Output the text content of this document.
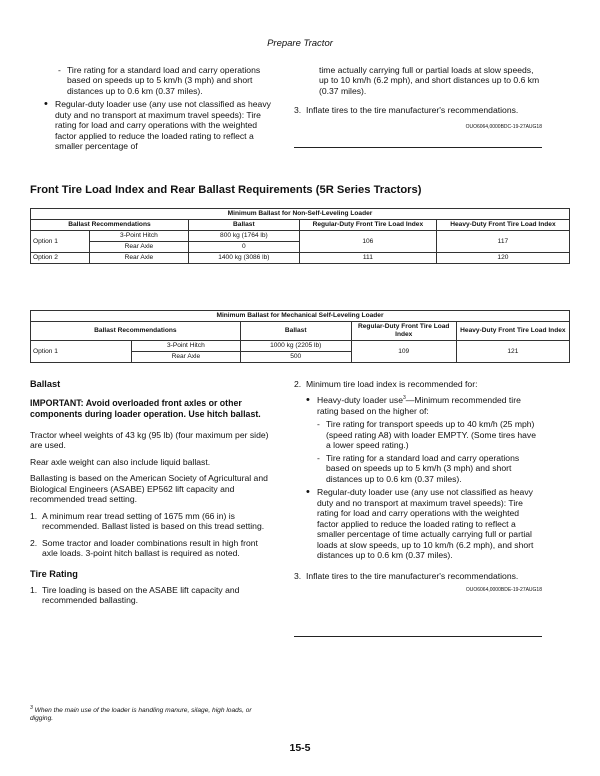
Prepare Tractor

- Tire rating for a standard load and carry operations based on speeds up to 5 km/h (3 mph) and short distances up to 0.6 km (0.37 miles).

• Regular-duty loader use (any use not classified as heavy duty and no transport at maximum travel speeds): Tire rating for load and carry operations with the weighted factor applied to reduce the loaded rating to reflect a smaller percentage of

time actually carrying full or partial loads at slow speeds, up to 10 km/h (6.2 mph), and short distances up to 0.6 km (0.37 miles).

3. Inflate tires to the tire manufacturer's recommendations.

OUO6064,0000BDC-19-27AUG18
Front Tire Load Index and Rear Ballast Requirements (5R Series Tractors)
Minimum Ballast for Non-Self-Leveling Loader				
Ballast Recommendations		Ballast	Regular-Duty Front Tire Load Index	Heavy-Duty Front Tire Load Index
Option 1	3-Point Hitch	800 kg (1764 lb)	106	117
	Rear Axle	0		
Option 2	Rear Axle	1400 kg (3086 lb)	111	120
Minimum Ballast for Mechanical Self-Leveling Loader				
Ballast Recommendations		Ballast	Regular-Duty Front Tire Load Index	Heavy-Duty Front Tire Load Index
Option 1	3-Point Hitch	1000 kg (2205 lb)	109	121
	Rear Axle	500		
Ballast

IMPORTANT: Avoid overloaded front axles or other components during loader operation. Use hitch ballast.

Tractor wheel weights of 43 kg (95 lb) (four maximum per side) are used.

Rear axle weight can also include liquid ballast.

Ballasting is based on the American Society of Agricultural and Biological Engineers (ASABE) EP562 lift capacity and recommended tread setting.

1. A minimum rear tread setting of 1675 mm (66 in) is recommended. Ballast listed is based on this tread setting.

2. Some tractor and loader combinations result in high front axle loads. 3-point hitch ballast is required as noted.

Tire Rating

1. Tire loading is based on the ASABE lift capacity and recommended ballasting.

2. Minimum tire load index is recommended for:

• Heavy-duty loader use$^3$—Minimum recommended tire rating based on the higher of:

- Tire rating for transport speeds up to 40 km/h (25 mph) (speed rating A8) with loader EMPTY. (Some tires have a lower speed rating.)

- Tire rating for a standard load and carry operations based on speeds up to 5 km/h (3 mph) and short distances up to 0.6 km (0.37 miles).

• Regular-duty loader use (any use not classified as heavy duty and no transport at maximum travel speeds): Tire rating for load and carry operations with the weighted factor applied to reduce the loaded rating to reflect a smaller percentage of time actually carrying full or partial loads at slow speeds, up to 10 km/h (6.2 mph), and short distances up to 0.6 km (0.37 miles).

3. Inflate tires to the tire manufacturer's recommendations.

OUO6064,0000BDE-19-27AUG18
$^3$ When the main use of the loader is handling manure, silage, high loads, or digging.
15-5
